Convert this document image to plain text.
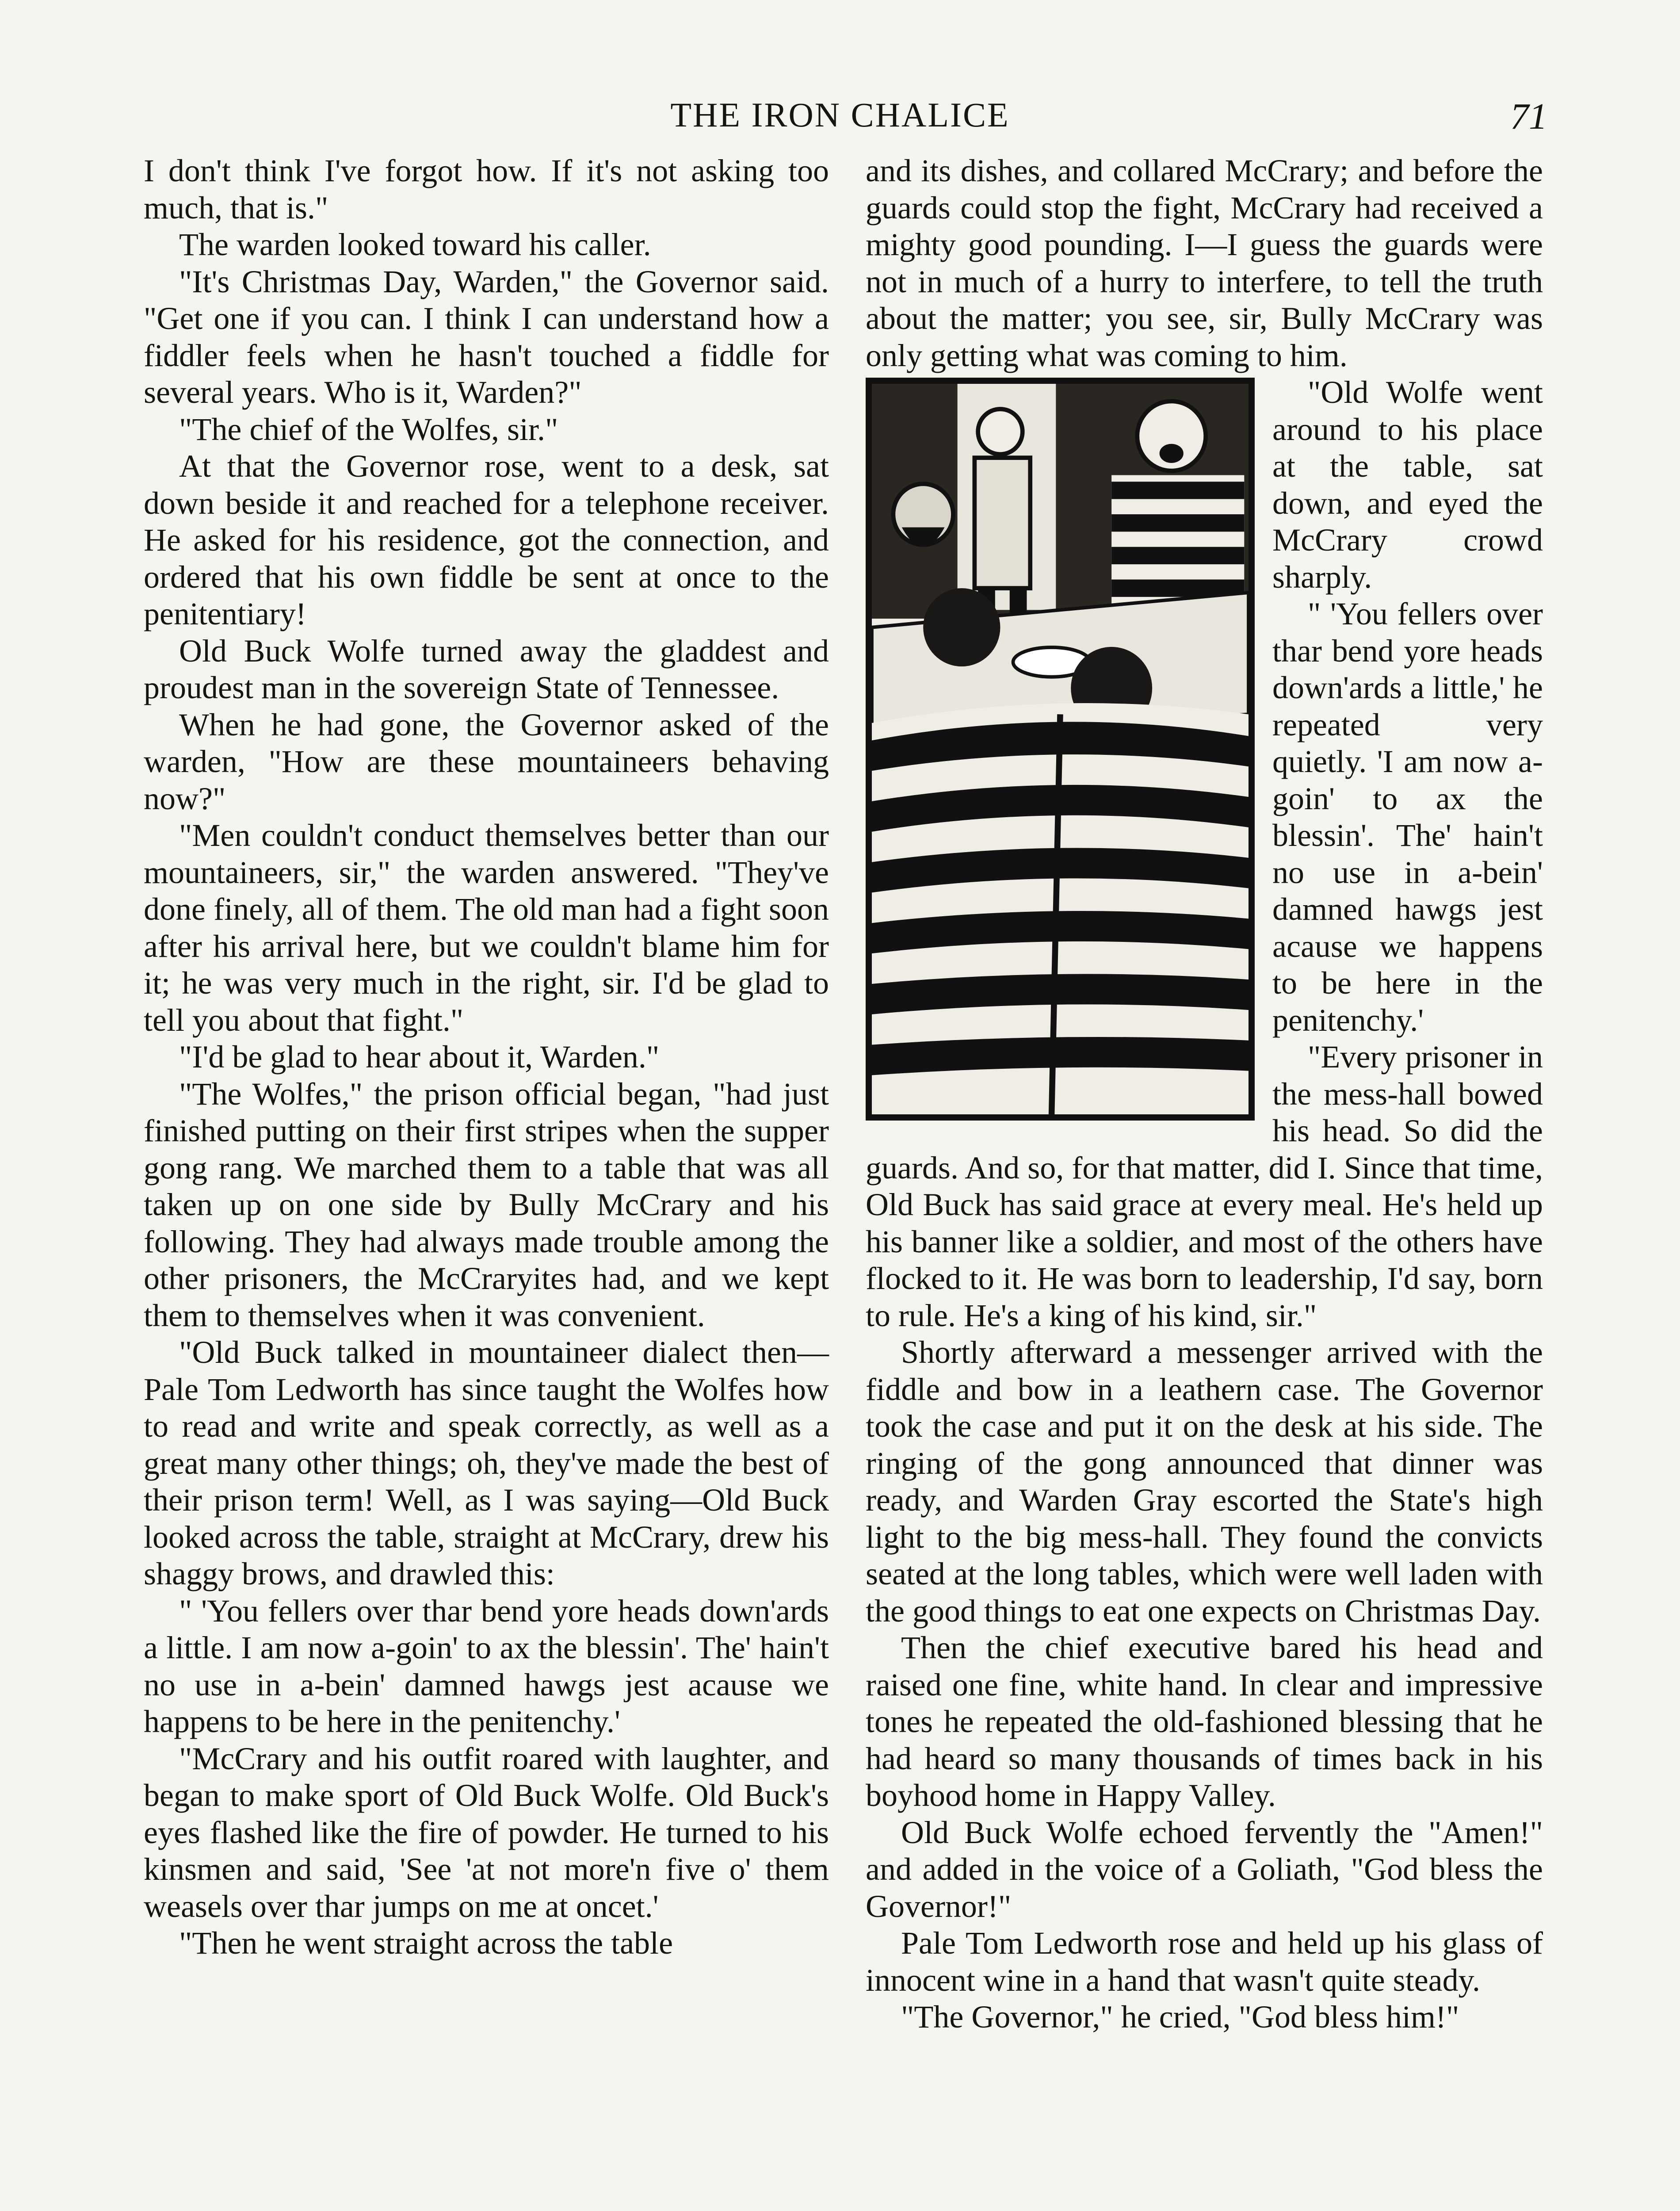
THE IRON CHALICE	71

I don't think I've forgot how. If it's not asking too much, that is."

The warden looked toward his caller.

"It's Christmas Day, Warden," the Governor said. "Get one if you can. I think I can understand how a fiddler feels when he hasn't touched a fiddle for several years. Who is it, Warden?"

"The chief of the Wolfes, sir."

At that the Governor rose, went to a desk, sat down beside it and reached for a telephone receiver. He asked for his residence, got the connection, and ordered that his own fiddle be sent at once to the penitentiary!

Old Buck Wolfe turned away the gladdest and proudest man in the sovereign State of Tennessee.

When he had gone, the Governor asked of the warden, "How are these mountaineers behaving now?"

"Men couldn't conduct themselves better than our mountaineers, sir," the warden answered. "They've done finely, all of them. The old man had a fight soon after his arrival here, but we couldn't blame him for it; he was very much in the right, sir. I'd be glad to tell you about that fight."

"I'd be glad to hear about it, Warden."

"The Wolfes," the prison official began, "had just finished putting on their first stripes when the supper gong rang. We marched them to a table that was all taken up on one side by Bully McCrary and his following. They had always made trouble among the other prisoners, the McCraryites had, and we kept them to themselves when it was convenient.

"Old Buck talked in mountaineer dialect then—Pale Tom Ledworth has since taught the Wolfes how to read and write and speak correctly, as well as a great many other things; oh, they've made the best of their prison term! Well, as I was saying—Old Buck looked across the table, straight at McCrary, drew his shaggy brows, and drawled this:

" 'You fellers over thar bend yore heads down'ards a little. I am now a-goin' to ax the blessin'. The' hain't no use in a-bein' damned hawgs jest acause we happens to be here in the penitenchy.'

"McCrary and his outfit roared with laughter, and began to make sport of Old Buck Wolfe. Old Buck's eyes flashed like the fire of powder. He turned to his kinsmen and said, 'See 'at not more'n five o' them weasels over thar jumps on me at oncet.'

"Then he went straight across the table

and its dishes, and collared McCrary; and before the guards could stop the fight, McCrary had received a mighty good pounding. I—I guess the guards were not in much of a hurry to interfere, to tell the truth about the matter; you see, sir, Bully McCrary was only getting what was coming to him.

"Old Wolfe went around to his place at the table, sat down, and eyed the McCrary crowd sharply.

" 'You fellers over thar bend yore heads down'ards a little,' he repeated very quietly. 'I am now a-goin' to ax the blessin'. The' hain't no use in a-bein' damned hawgs jest acause we happens to be here in the penitenchy.'

"Every prisoner in the mess-hall bowed his head. So did the guards. And so, for that matter, did I. Since that time, Old Buck has said grace at every meal. He's held up his banner like a soldier, and most of the others have flocked to it. He was born to leadership, I'd say, born to rule. He's a king of his kind, sir."

Shortly afterward a messenger arrived with the fiddle and bow in a leathern case. The Governor took the case and put it on the desk at his side. The ringing of the gong announced that dinner was ready, and Warden Gray escorted the State's high light to the big mess-hall. They found the convicts seated at the long tables, which were well laden with the good things to eat one expects on Christmas Day.

Then the chief executive bared his head and raised one fine, white hand. In clear and impressive tones he repeated the old-fashioned blessing that he had heard so many thousands of times back in his boyhood home in Happy Valley.

Old Buck Wolfe echoed fervently the "Amen!" and added in the voice of a Goliath, "God bless the Governor!"

Pale Tom Ledworth rose and held up his glass of innocent wine in a hand that wasn't quite steady.

"The Governor," he cried, "God bless him!"
